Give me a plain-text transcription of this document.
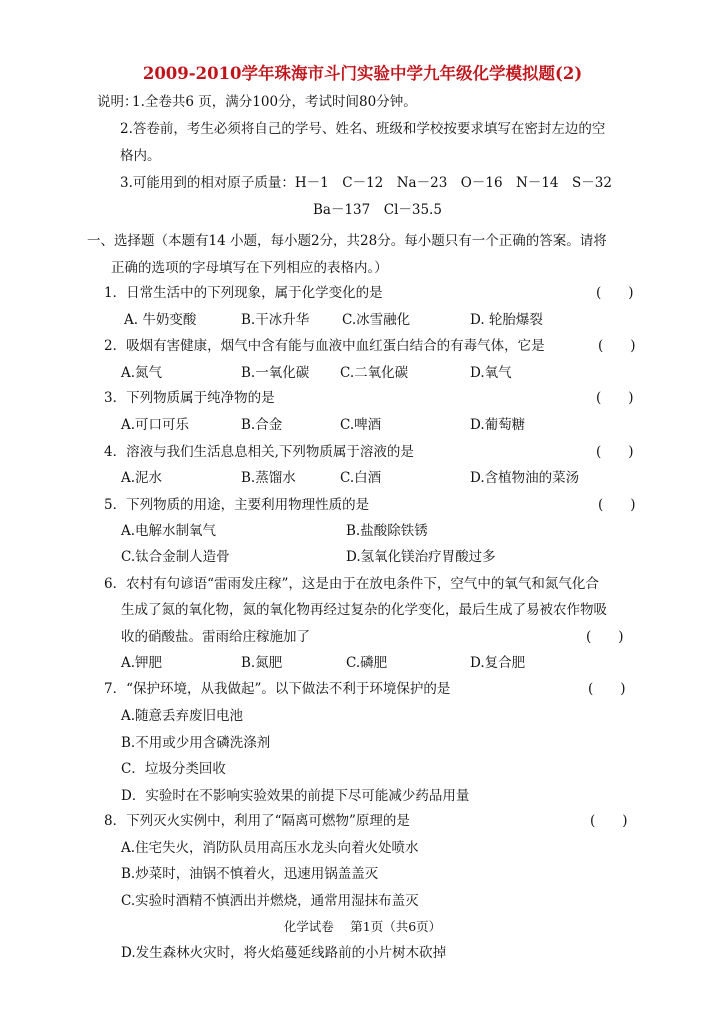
2009-2010学年珠海市斗门实验中学九年级化学模拟题(2)
说明：
1.全卷共6 页，满分100分，考试时间80分钟。
2.答卷前，考生必须将自己的学号、姓名、班级和学校按要求填写在密封左边的空
格内。
3.可能用到的相对原子质量：H－1　C－12　Na－23　O－16　N－14　S－32
Ba－137　Cl－35.5
一、选择题（本题有14 小题，每小题2分，共28分。每小题只有一个正确的答案。请将
正确的选项的字母填写在下列相应的表格内。）
1．日常生活中的下列现象，属于化学变化的是	(　　)
A. 牛奶变酸	B.干冰升华 C.冰雪融化	D. 轮胎爆裂
2．吸烟有害健康，烟气中含有能与血液中血红蛋白结合的有毒气体，它是	(　　)
A.氮气	B.一氧化碳 C.二氧化碳	D.氧气
3．下列物质属于纯净物的是	(　　)
A.可口可乐	B.合金	C.啤酒	D.葡萄糖
4．溶液与我们生活息息相关,下列物质属于溶液的是	(　　)
A.泥水	B.蒸馏水	C.白酒	D.含植物油的菜汤
5．下列物质的用途，主要利用物理性质的是	(　　)
A.电解水制氧气	B.盐酸除铁锈
C.钛合金制人造骨	D.氢氧化镁治疗胃酸过多
6．农村有句谚语“雷雨发庄稼”，这是由于在放电条件下，空气中的氧气和氮气化合
生成了氮的氧化物，氮的氧化物再经过复杂的化学变化，最后生成了易被农作物吸
收的硝酸盐。雷雨给庄稼施加了	(　　)
A.钾肥	B.氮肥	C.磷肥	D.复合肥
7．“保护环境，从我做起”。以下做法不利于环境保护的是	(　　)
A.随意丢弃废旧电池
B.不用或少用含磷洗涤剂
C．垃圾分类回收
D．实验时在不影响实验效果的前提下尽可能减少药品用量
8．下列灭火实例中，利用了“隔离可燃物”原理的是	(　　)
A.住宅失火，消防队员用高压水龙头向着火处喷水
B.炒菜时，油锅不慎着火，迅速用锅盖盖灭
C.实验时酒精不慎洒出并燃烧，通常用湿抹布盖灭
化学试卷　 第1页（共6页）
D.发生森林火灾时，将火焰蔓延线路前的小片树木砍掉
